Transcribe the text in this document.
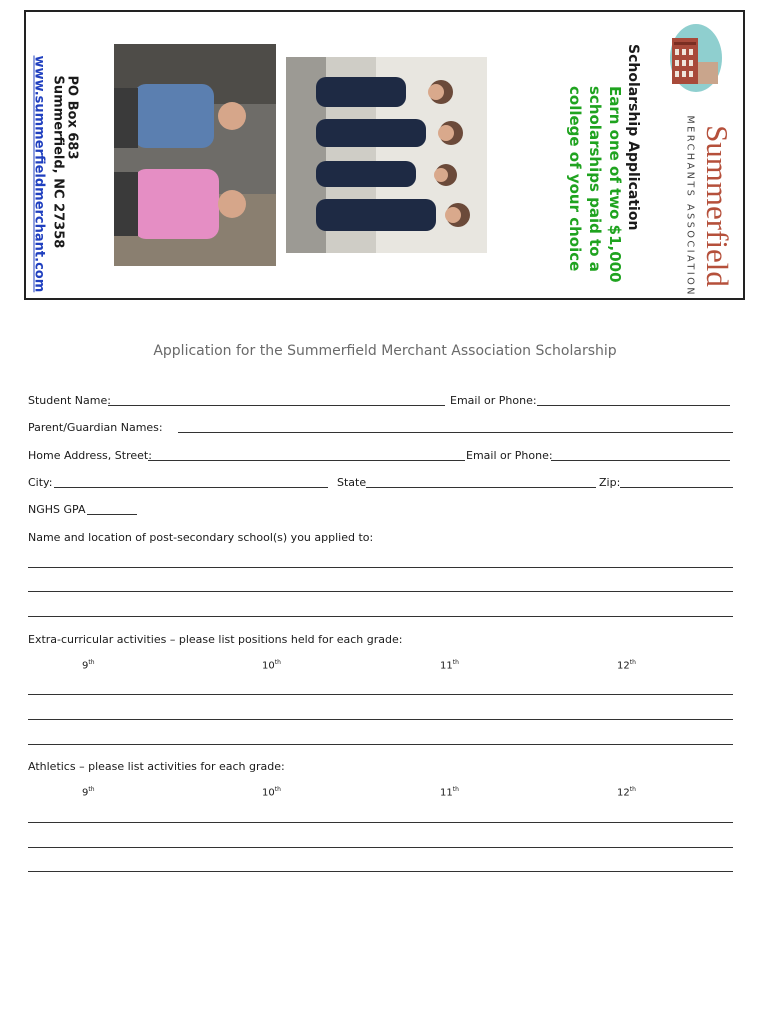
Summerfield
MERCHANTS ASSOCIATION
Scholarship Application
Earn one of two $1,000
scholarships paid to a
college of your choice
PO Box 683
Summerfield, NC 27358
www.summerfieldmerchant.com
Application for the Summerfield Merchant Association Scholarship
Student Name:	Email or Phone:
Parent/Guardian Names:
Home Address, Street:	Email or Phone:
City:	State	Zip:
NGHS GPA
Name and location of post-secondary school(s) you applied to:
Extra-curricular activities – please list positions held for each grade:
9th	10th	11th	12th
Athletics – please list activities for each grade:
9th	10th	11th	12th
